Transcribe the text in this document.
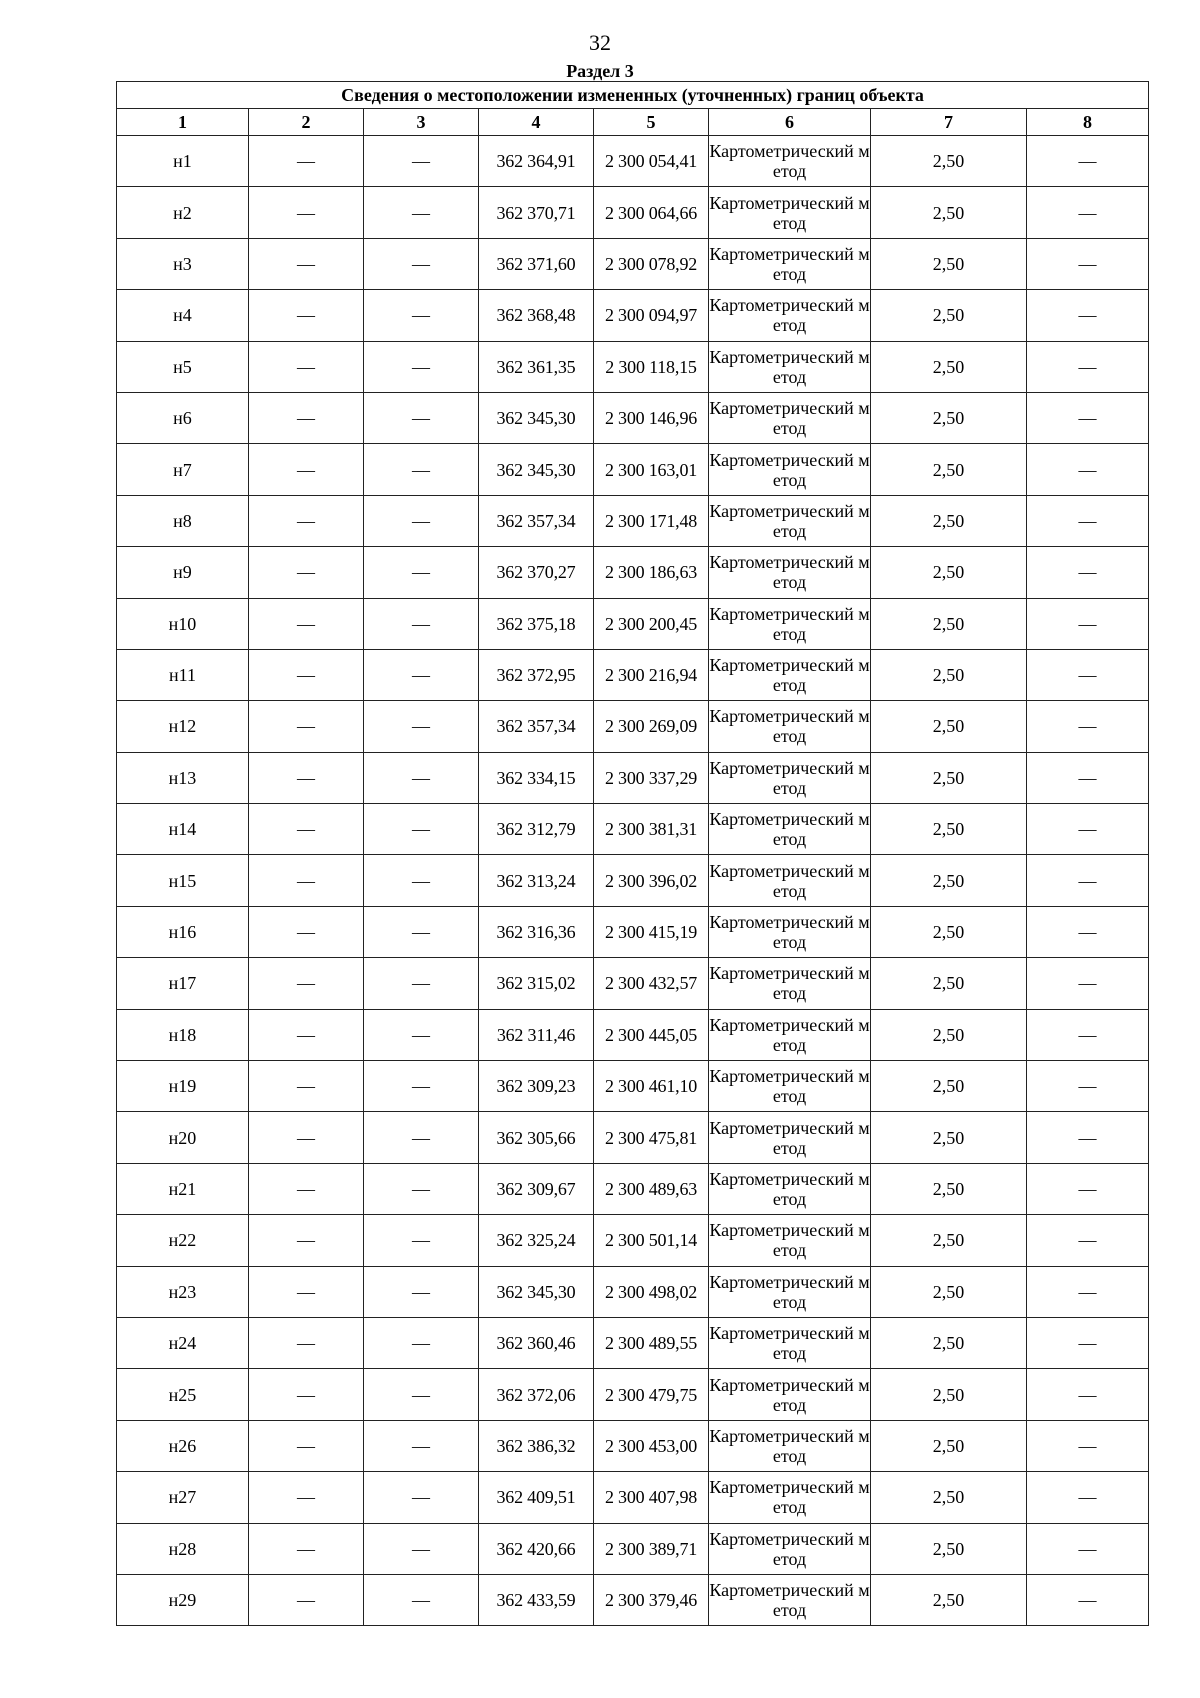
32
Раздел 3
Сведения о местоположении измененных (уточненных) границ объекта							
1	2	3	4	5	6	7	8
н1	—	—	362 364,91	2 300 054,41	Картометрический метод	2,50	—
н2	—	—	362 370,71	2 300 064,66	Картометрический метод	2,50	—
н3	—	—	362 371,60	2 300 078,92	Картометрический метод	2,50	—
н4	—	—	362 368,48	2 300 094,97	Картометрический метод	2,50	—
н5	—	—	362 361,35	2 300 118,15	Картометрический метод	2,50	—
н6	—	—	362 345,30	2 300 146,96	Картометрический метод	2,50	—
н7	—	—	362 345,30	2 300 163,01	Картометрический метод	2,50	—
н8	—	—	362 357,34	2 300 171,48	Картометрический метод	2,50	—
н9	—	—	362 370,27	2 300 186,63	Картометрический метод	2,50	—
н10	—	—	362 375,18	2 300 200,45	Картометрический метод	2,50	—
н11	—	—	362 372,95	2 300 216,94	Картометрический метод	2,50	—
н12	—	—	362 357,34	2 300 269,09	Картометрический метод	2,50	—
н13	—	—	362 334,15	2 300 337,29	Картометрический метод	2,50	—
н14	—	—	362 312,79	2 300 381,31	Картометрический метод	2,50	—
н15	—	—	362 313,24	2 300 396,02	Картометрический метод	2,50	—
н16	—	—	362 316,36	2 300 415,19	Картометрический метод	2,50	—
н17	—	—	362 315,02	2 300 432,57	Картометрический метод	2,50	—
н18	—	—	362 311,46	2 300 445,05	Картометрический метод	2,50	—
н19	—	—	362 309,23	2 300 461,10	Картометрический метод	2,50	—
н20	—	—	362 305,66	2 300 475,81	Картометрический метод	2,50	—
н21	—	—	362 309,67	2 300 489,63	Картометрический метод	2,50	—
н22	—	—	362 325,24	2 300 501,14	Картометрический метод	2,50	—
н23	—	—	362 345,30	2 300 498,02	Картометрический метод	2,50	—
н24	—	—	362 360,46	2 300 489,55	Картометрический метод	2,50	—
н25	—	—	362 372,06	2 300 479,75	Картометрический метод	2,50	—
н26	—	—	362 386,32	2 300 453,00	Картометрический метод	2,50	—
н27	—	—	362 409,51	2 300 407,98	Картометрический метод	2,50	—
н28	—	—	362 420,66	2 300 389,71	Картометрический метод	2,50	—
н29	—	—	362 433,59	2 300 379,46	Картометрический метод	2,50	—
